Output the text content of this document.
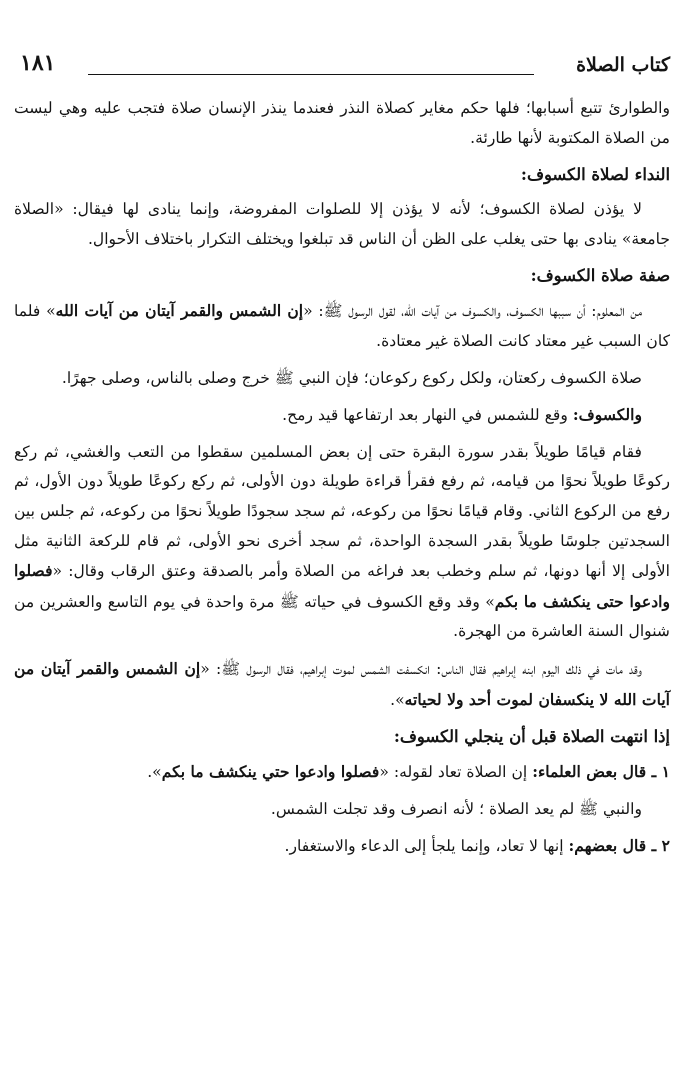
كتاب الصلاة
١٨١

والطوارئ تتبع أسبابها؛ فلها حكم مغاير كصلاة النذر فعندما ينذر الإنسان صلاة فتجب عليه وهي ليست من الصلاة المكتوبة لأنها طارئة.

النداء لصلاة الكسوف:

لا يؤذن لصلاة الكسوف؛ لأنه لا يؤذن إلا للصلوات المفروضة، وإنما ينادى لها فيقال: «الصلاة جامعة» ينادى بها حتى يغلب على الظن أن الناس قد تبلغوا ويختلف التكرار باختلاف الأحوال.

صفة صلاة الكسوف:

من المعلوم: أن سببها الكسوف، والكسوف من آيات الله، لقول الرسول ﷺ: «إن الشمس والقمر آيتان من آيات الله» فلما كان السبب غير معتاد كانت الصلاة غير معتادة.

صلاة الكسوف ركعتان، ولكل ركوع ركوعان؛ فإن النبي ﷺ خرج وصلى بالناس، وصلى جهرًا.

والكسوف: وقع للشمس في النهار بعد ارتفاعها قيد رمح.

فقام قيامًا طويلاً بقدر سورة البقرة حتى إن بعض المسلمين سقطوا من التعب والغشي، ثم ركع ركوعًا طويلاً نحوًا من قيامه، ثم رفع فقرأ قراءة طويلة دون الأولى، ثم ركع ركوعًا طويلاً دون الأول، ثم رفع من الركوع الثاني. وقام قيامًا نحوًا من ركوعه، ثم سجد سجودًا طويلاً نحوًا من ركوعه، ثم جلس بين السجدتين جلوسًا طويلاً بقدر السجدة الواحدة، ثم سجد أخرى نحو الأولى، ثم قام للركعة الثانية مثل الأولى إلا أنها دونها، ثم سلم وخطب بعد فراغه من الصلاة وأمر بالصدقة وعتق الرقاب وقال: «فصلوا وادعوا حتى ينكشف ما بكم» وقد وقع الكسوف في حياته ﷺ مرة واحدة في يوم التاسع والعشرين من شنوال السنة العاشرة من الهجرة.

وقد مات في ذلك اليوم ابنه إبراهيم فقال الناس: انكسفت الشمس لموت إبراهيم، فقال الرسول ﷺ: «إن الشمس والقمر آيتان من آيات الله لا ينكسفان لموت أحد ولا لحياته».

إذا انتهت الصلاة قبل أن ينجلي الكسوف:

١ ـ قال بعض العلماء: إن الصلاة تعاد لقوله: «فصلوا وادعوا حتي ينكشف ما بكم».

والنبي ﷺ لم يعد الصلاة ؛ لأنه انصرف وقد تجلت الشمس.

٢ ـ قال بعضهم: إنها لا تعاد، وإنما يلجأ إلى الدعاء والاستغفار.
